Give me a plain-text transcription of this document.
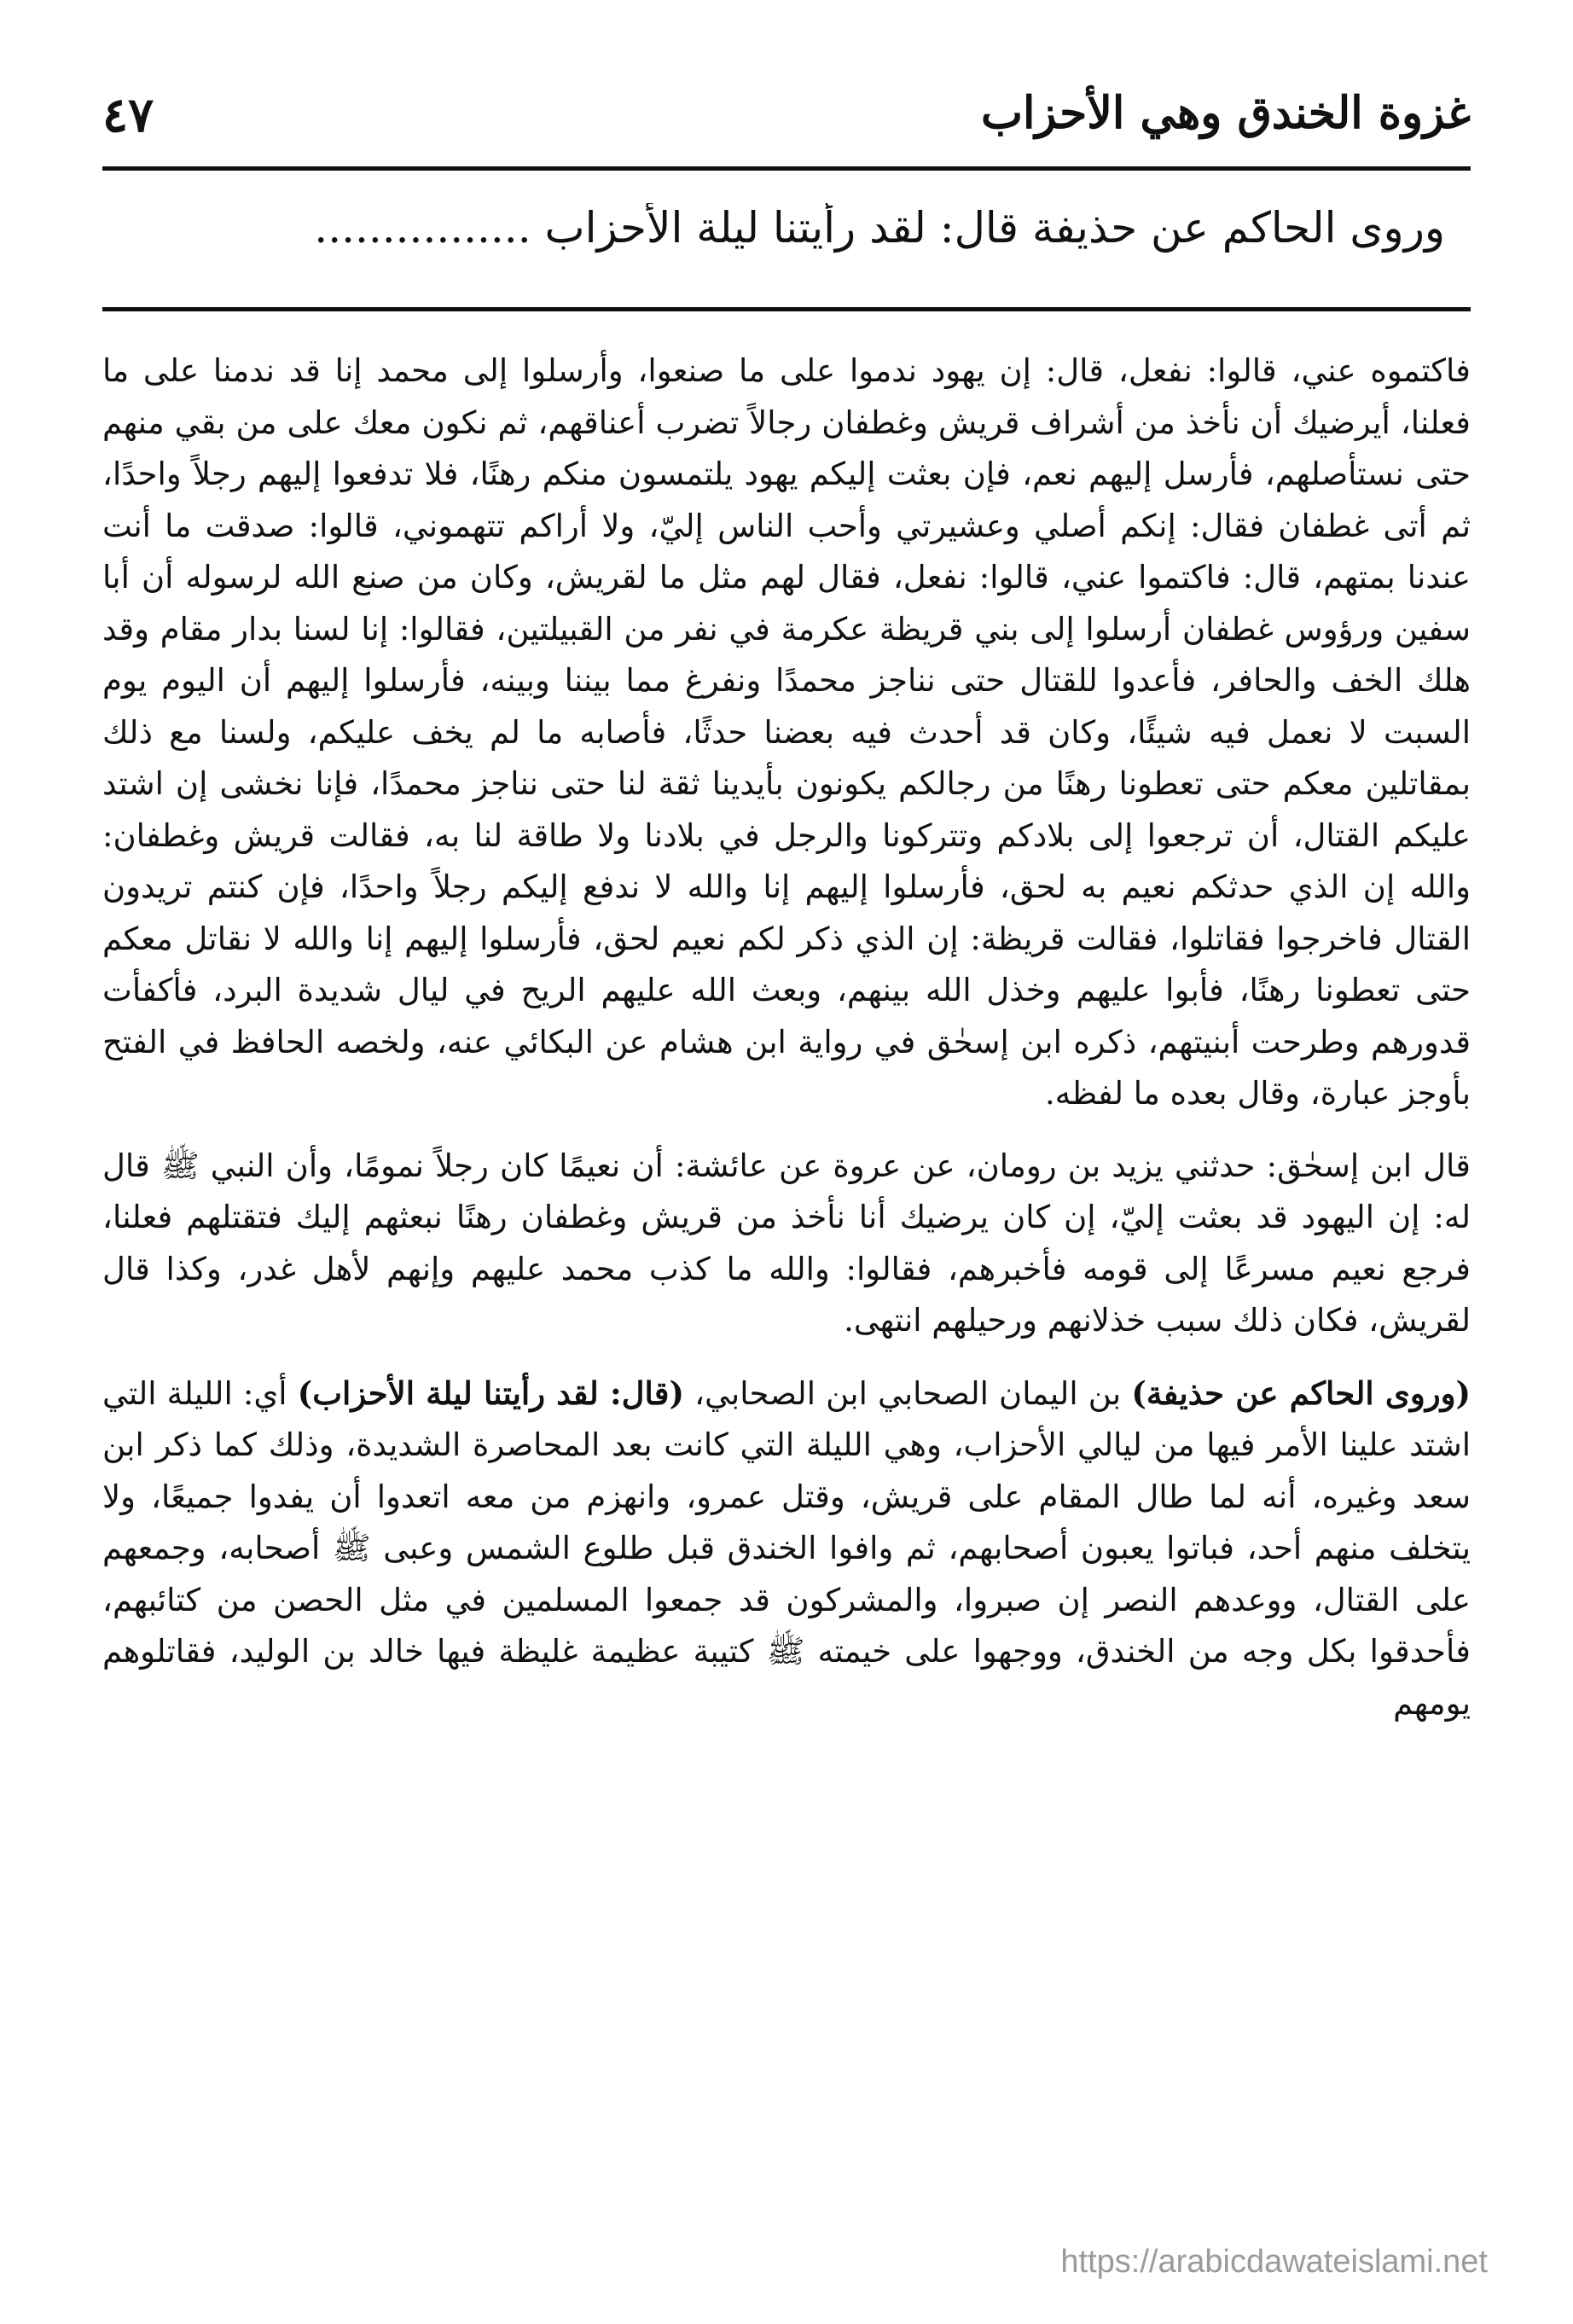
غزوة الخندق وهي الأحزاب
٤٧
وروى الحاكم عن حذيفة قال: لقد رأيتنا ليلة الأحزاب ................

فاكتموه عني، قالوا: نفعل، قال: إن يهود ندموا على ما صنعوا، وأرسلوا إلى محمد إنا قد ندمنا على ما فعلنا، أيرضيك أن نأخذ من أشراف قريش وغطفان رجالاً تضرب أعناقهم، ثم نكون معك على من بقي منهم حتى نستأصلهم، فأرسل إليهم نعم، فإن بعثت إليكم يهود يلتمسون منكم رهنًا، فلا تدفعوا إليهم رجلاً واحدًا، ثم أتى غطفان فقال: إنكم أصلي وعشيرتي وأحب الناس إليّ، ولا أراكم تتهموني، قالوا: صدقت ما أنت عندنا بمتهم، قال: فاكتموا عني، قالوا: نفعل، فقال لهم مثل ما لقريش، وكان من صنع الله لرسوله أن أبا سفين ورؤوس غطفان أرسلوا إلى بني قريظة عكرمة في نفر من القبيلتين، فقالوا: إنا لسنا بدار مقام وقد هلك الخف والحافر، فأعدوا للقتال حتى نناجز محمدًا ونفرغ مما بيننا وبينه، فأرسلوا إليهم أن اليوم يوم السبت لا نعمل فيه شيئًا، وكان قد أحدث فيه بعضنا حدثًا، فأصابه ما لم يخف عليكم، ولسنا مع ذلك بمقاتلين معكم حتى تعطونا رهنًا من رجالكم يكونون بأيدينا ثقة لنا حتى نناجز محمدًا، فإنا نخشى إن اشتد عليكم القتال، أن ترجعوا إلى بلادكم وتتركونا والرجل في بلادنا ولا طاقة لنا به، فقالت قريش وغطفان: والله إن الذي حدثكم نعيم به لحق، فأرسلوا إليهم إنا والله لا ندفع إليكم رجلاً واحدًا، فإن كنتم تريدون القتال فاخرجوا فقاتلوا، فقالت قريظة: إن الذي ذكر لكم نعيم لحق، فأرسلوا إليهم إنا والله لا نقاتل معكم حتى تعطونا رهنًا، فأبوا عليهم وخذل الله بينهم، وبعث الله عليهم الريح في ليال شديدة البرد، فأكفأت قدورهم وطرحت أبنيتهم، ذكره ابن إسحٰق في رواية ابن هشام عن البكائي عنه، ولخصه الحافظ في الفتح بأوجز عبارة، وقال بعده ما لفظه.

قال ابن إسحٰق: حدثني يزيد بن رومان، عن عروة عن عائشة: أن نعيمًا كان رجلاً نمومًا، وأن النبي ﷺ قال له: إن اليهود قد بعثت إليّ، إن كان يرضيك أنا نأخذ من قريش وغطفان رهنًا نبعثهم إليك فتقتلهم فعلنا، فرجع نعيم مسرعًا إلى قومه فأخبرهم، فقالوا: والله ما كذب محمد عليهم وإنهم لأهل غدر، وكذا قال لقريش، فكان ذلك سبب خذلانهم ورحيلهم انتهى.

(وروى الحاكم عن حذيفة) بن اليمان الصحابي ابن الصحابي، (قال: لقد رأيتنا ليلة الأحزاب) أي: الليلة التي اشتد علينا الأمر فيها من ليالي الأحزاب، وهي الليلة التي كانت بعد المحاصرة الشديدة، وذلك كما ذكر ابن سعد وغيره، أنه لما طال المقام على قريش، وقتل عمرو، وانهزم من معه اتعدوا أن يفدوا جميعًا، ولا يتخلف منهم أحد، فباتوا يعبون أصحابهم، ثم وافوا الخندق قبل طلوع الشمس وعبى ﷺ أصحابه، وجمعهم على القتال، ووعدهم النصر إن صبروا، والمشركون قد جمعوا المسلمين في مثل الحصن من كتائبهم، فأحدقوا بكل وجه من الخندق، ووجهوا على خيمته ﷺ كتيبة عظيمة غليظة فيها خالد بن الوليد، فقاتلوهم يومهم

https://arabicdawateislami.net
